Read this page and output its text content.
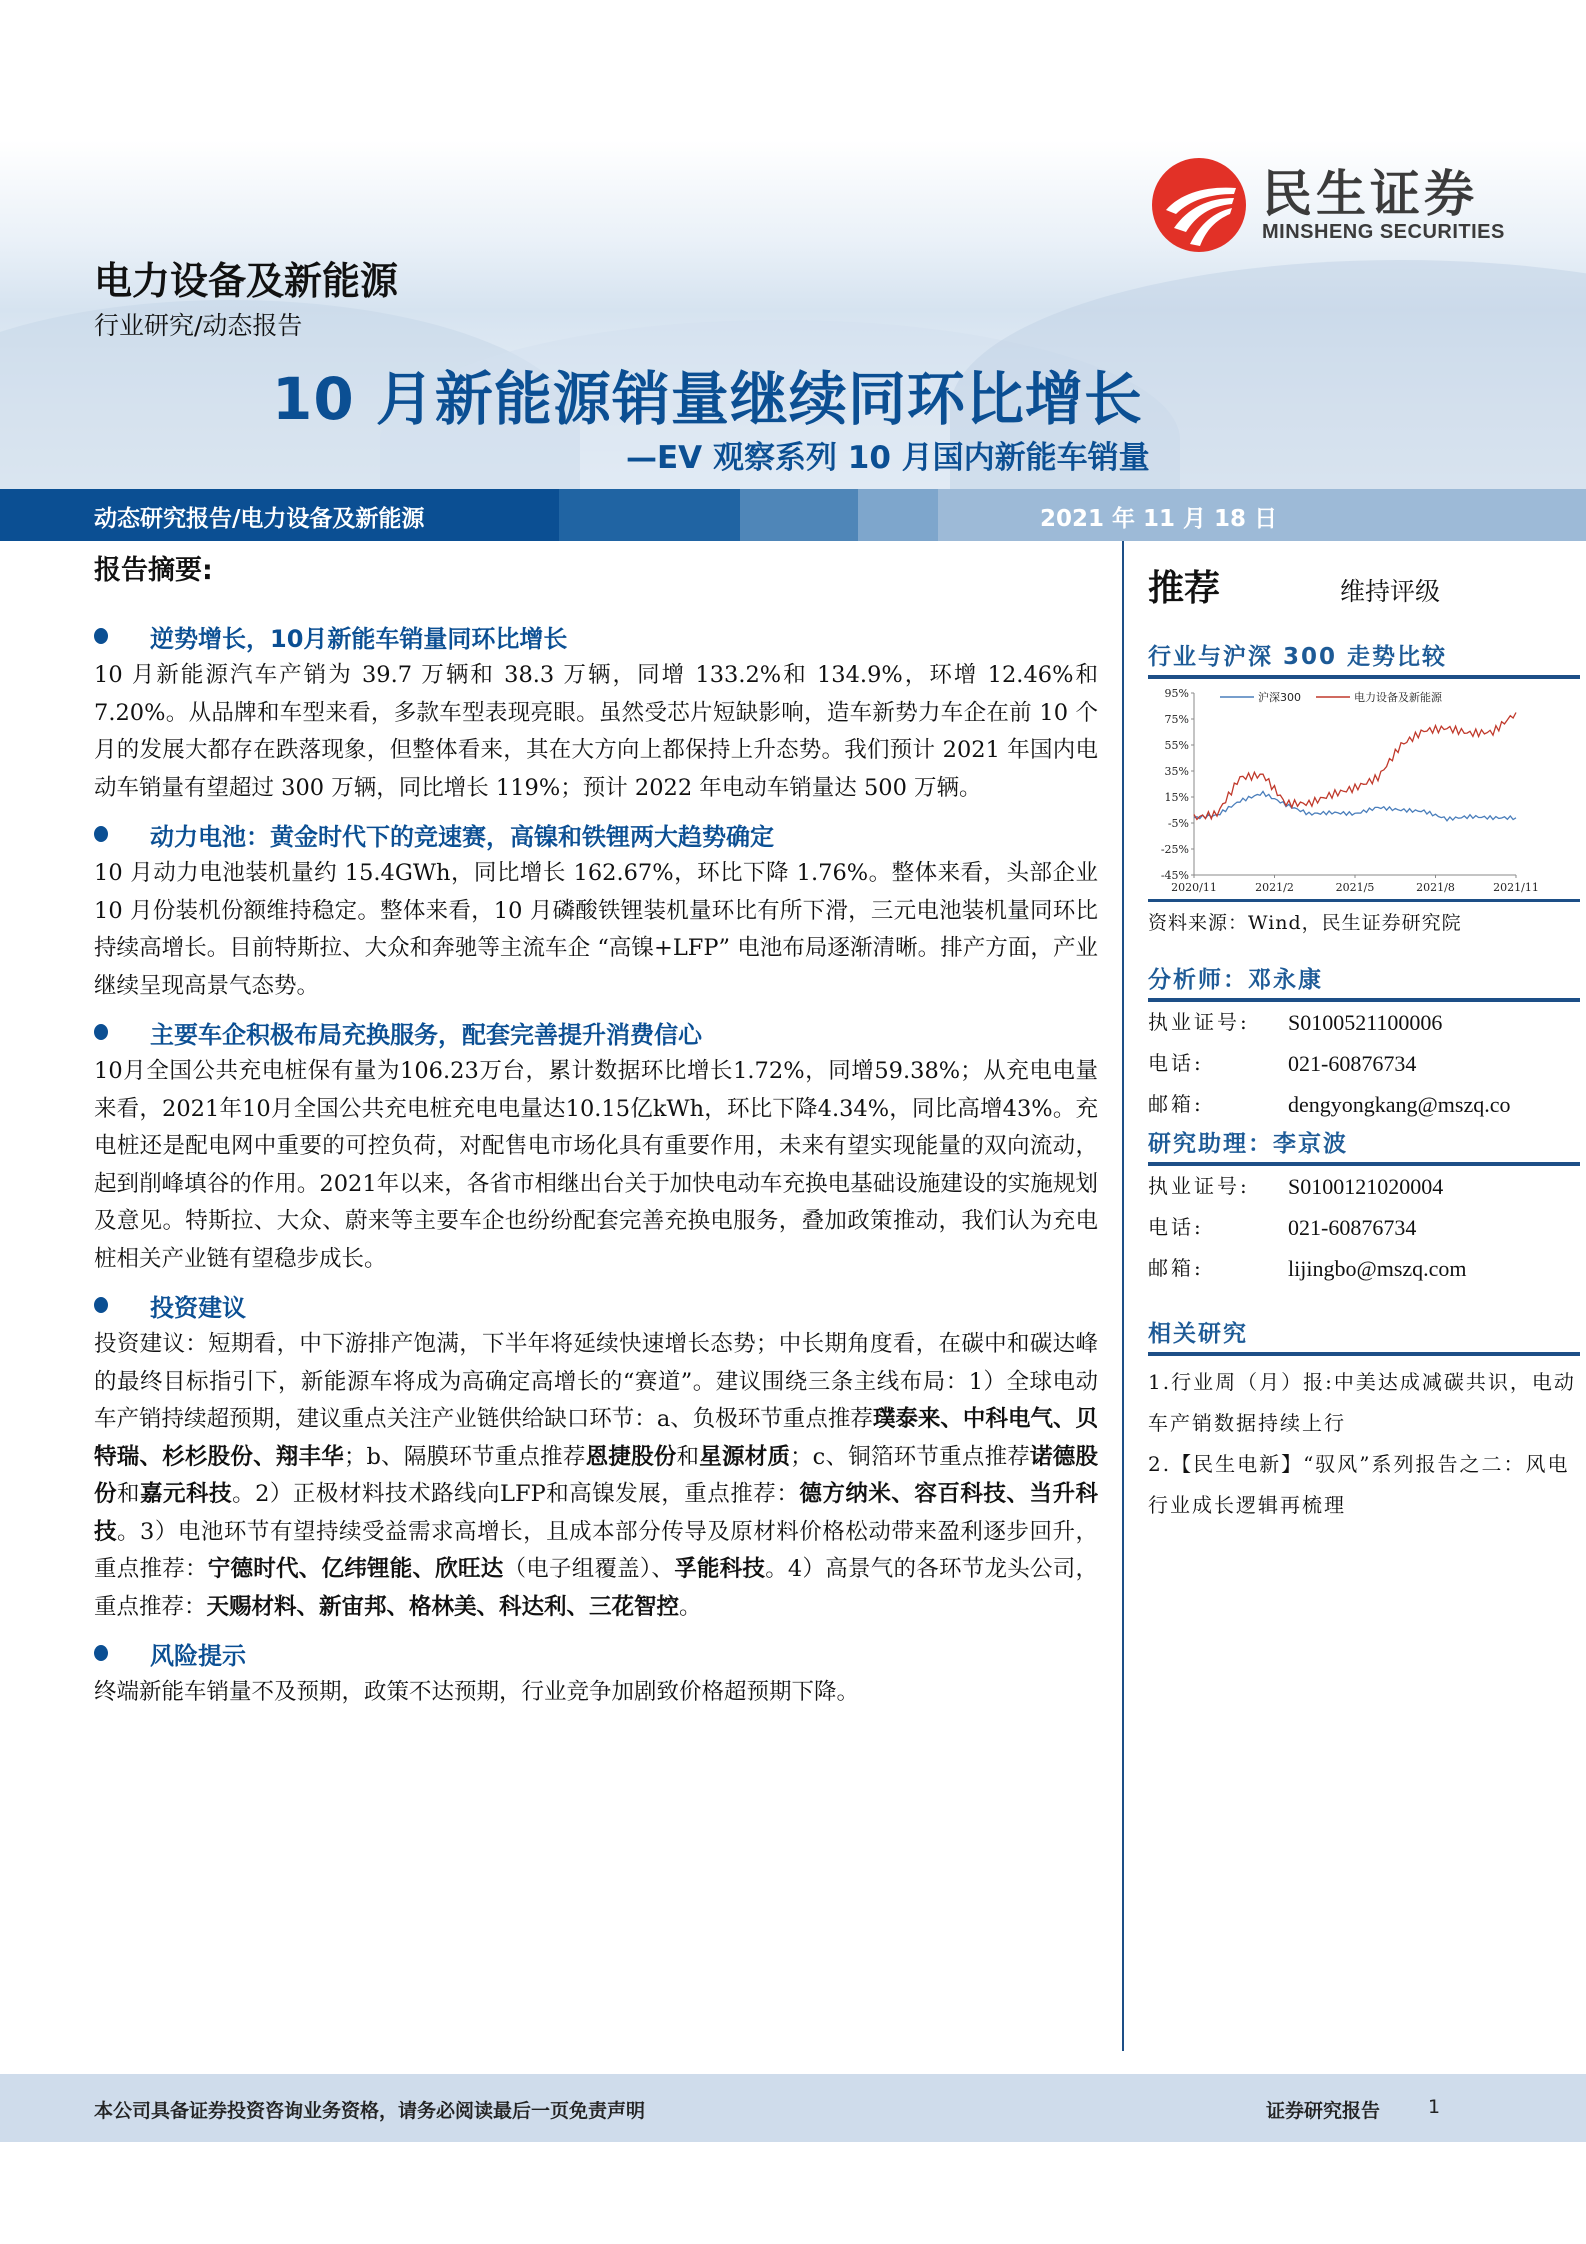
民生证券
MINSHENG SECURITIES
电力设备及新能源
行业研究/动态报告
10 月新能源销量继续同环比增长
—EV 观察系列 10 月国内新能车销量
动态研究报告/电力设备及新能源	2021 年 11 月 18 日
报告摘要:
逆势增长，10月新能车销量同环比增长
10 月新能源汽车产销为 39.7 万辆和 38.3 万辆，同增 133.2%和 134.9%，环增 12.46%和 7.20%。从品牌和车型来看，多款车型表现亮眼。虽然受芯片短缺影响，造车新势力车企在前 10 个月的发展大都存在跌落现象，但整体看来，其在大方向上都保持上升态势。我们预计 2021 年国内电动车销量有望超过 300 万辆，同比增长 119%；预计 2022 年电动车销量达 500 万辆。
动力电池：黄金时代下的竞速赛，高镍和铁锂两大趋势确定
10 月动力电池装机量约 15.4GWh，同比增长 162.67%，环比下降 1.76%。整体来看，头部企业 10 月份装机份额维持稳定。整体来看，10 月磷酸铁锂装机量环比有所下滑，三元电池装机量同环比持续高增长。目前特斯拉、大众和奔驰等主流车企 “高镍+LFP” 电池布局逐渐清晰。排产方面，产业继续呈现高景气态势。
主要车企积极布局充换服务，配套完善提升消费信心
10月全国公共充电桩保有量为106.23万台，累计数据环比增长1.72%，同增59.38%；从充电电量来看，2021年10月全国公共充电桩充电电量达10.15亿kWh，环比下降4.34%，同比高增43%。充电桩还是配电网中重要的可控负荷，对配售电市场化具有重要作用，未来有望实现能量的双向流动，起到削峰填谷的作用。2021年以来，各省市相继出台关于加快电动车充换电基础设施建设的实施规划及意见。特斯拉、大众、蔚来等主要车企也纷纷配套完善充换电服务，叠加政策推动，我们认为充电桩相关产业链有望稳步成长。
投资建议
投资建议：短期看，中下游排产饱满，下半年将延续快速增长态势；中长期角度看，在碳中和碳达峰的最终目标指引下，新能源车将成为高确定高增长的“赛道”。建议围绕三条主线布局：1）全球电动车产销持续超预期，建议重点关注产业链供给缺口环节：a、负极环节重点推荐璞泰来、中科电气、贝特瑞、杉杉股份、翔丰华；b、隔膜环节重点推荐恩捷股份和星源材质；c、铜箔环节重点推荐诺德股份和嘉元科技。2）正极材料技术路线向LFP和高镍发展，重点推荐：德方纳米、容百科技、当升科技。3）电池环节有望持续受益需求高增长，且成本部分传导及原材料价格松动带来盈利逐步回升，重点推荐：宁德时代、亿纬锂能、欣旺达（电子组覆盖）、孚能科技。4）高景气的各环节龙头公司，重点推荐：天赐材料、新宙邦、格林美、科达利、三花智控。
风险提示
终端新能车销量不及预期，政策不达预期，行业竞争加剧致价格超预期下降。
推荐	维持评级
行业与沪深 300 走势比较
95%
75%
55%
35%
15%
-5%
-25%
-45%
2020/11	2021/2	2021/5	2021/8	2021/11
沪深300	电力设备及新能源
资料来源：Wind，民生证券研究院
分析师：邓永康
执业证号:	S0100521100006
电话:	021-60876734
邮箱:	dengyongkang@mszq.co
研究助理：李京波
执业证号:	S0100121020004
电话:	021-60876734
邮箱:	lijingbo@mszq.com
相关研究
1.行业周（月）报:中美达成减碳共识，电动车产销数据持续上行
2.【民生电新】“驭风”系列报告之二：风电行业成长逻辑再梳理
本公司具备证券投资咨询业务资格，请务必阅读最后一页免责声明	证券研究报告	1
